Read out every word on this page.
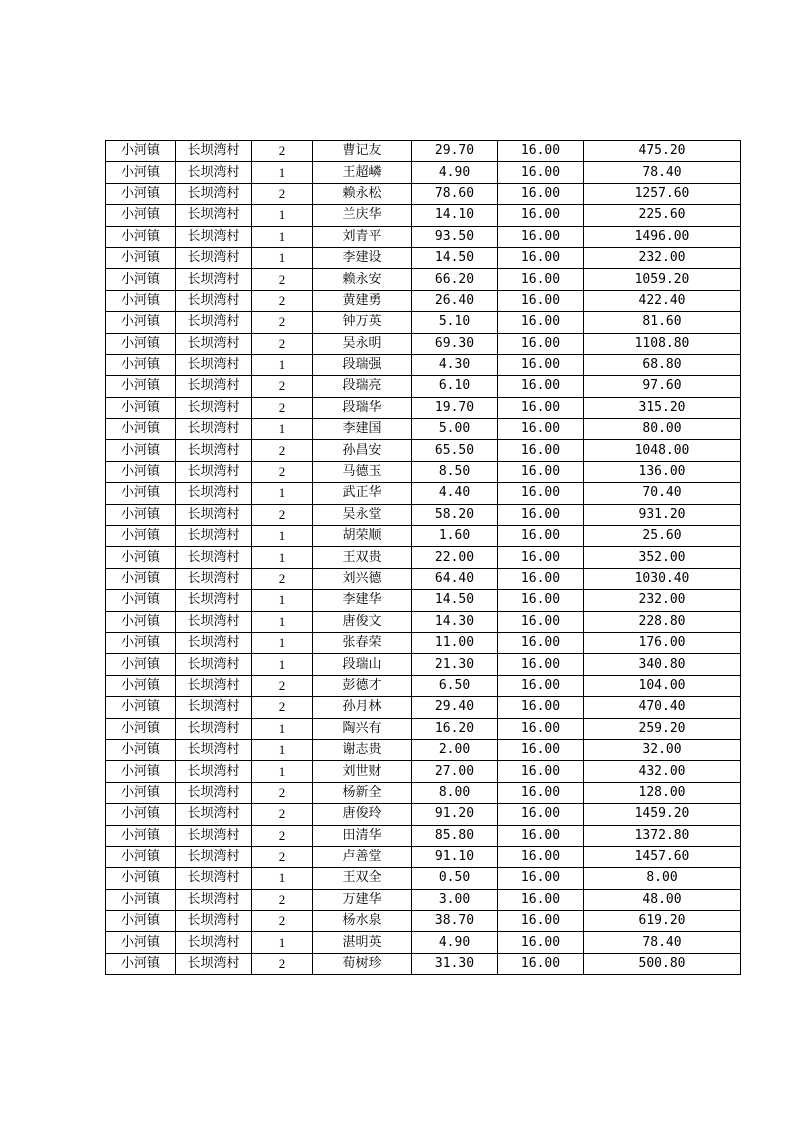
小河镇	长坝湾村	2	曹记友	29.70	16.00	475.20
小河镇	长坝湾村	1	王超嶙	4.90	16.00	78.40
小河镇	长坝湾村	2	赖永松	78.60	16.00	1257.60
小河镇	长坝湾村	1	兰庆华	14.10	16.00	225.60
小河镇	长坝湾村	1	刘青平	93.50	16.00	1496.00
小河镇	长坝湾村	1	李建设	14.50	16.00	232.00
小河镇	长坝湾村	2	赖永安	66.20	16.00	1059.20
小河镇	长坝湾村	2	黄建勇	26.40	16.00	422.40
小河镇	长坝湾村	2	钟万英	5.10	16.00	81.60
小河镇	长坝湾村	2	吴永明	69.30	16.00	1108.80
小河镇	长坝湾村	1	段瑞强	4.30	16.00	68.80
小河镇	长坝湾村	2	段瑞亮	6.10	16.00	97.60
小河镇	长坝湾村	2	段瑞华	19.70	16.00	315.20
小河镇	长坝湾村	1	李建国	5.00	16.00	80.00
小河镇	长坝湾村	2	孙昌安	65.50	16.00	1048.00
小河镇	长坝湾村	2	马德玉	8.50	16.00	136.00
小河镇	长坝湾村	1	武正华	4.40	16.00	70.40
小河镇	长坝湾村	2	吴永堂	58.20	16.00	931.20
小河镇	长坝湾村	1	胡荣顺	1.60	16.00	25.60
小河镇	长坝湾村	1	王双贵	22.00	16.00	352.00
小河镇	长坝湾村	2	刘兴德	64.40	16.00	1030.40
小河镇	长坝湾村	1	李建华	14.50	16.00	232.00
小河镇	长坝湾村	1	唐俊文	14.30	16.00	228.80
小河镇	长坝湾村	1	张春荣	11.00	16.00	176.00
小河镇	长坝湾村	1	段瑞山	21.30	16.00	340.80
小河镇	长坝湾村	2	彭德才	6.50	16.00	104.00
小河镇	长坝湾村	2	孙月林	29.40	16.00	470.40
小河镇	长坝湾村	1	陶兴有	16.20	16.00	259.20
小河镇	长坝湾村	1	谢志贵	2.00	16.00	32.00
小河镇	长坝湾村	1	刘世财	27.00	16.00	432.00
小河镇	长坝湾村	2	杨新全	8.00	16.00	128.00
小河镇	长坝湾村	2	唐俊玲	91.20	16.00	1459.20
小河镇	长坝湾村	2	田清华	85.80	16.00	1372.80
小河镇	长坝湾村	2	卢善堂	91.10	16.00	1457.60
小河镇	长坝湾村	1	王双全	0.50	16.00	8.00
小河镇	长坝湾村	2	万建华	3.00	16.00	48.00
小河镇	长坝湾村	2	杨水泉	38.70	16.00	619.20
小河镇	长坝湾村	1	湛明英	4.90	16.00	78.40
小河镇	长坝湾村	2	荀树珍	31.30	16.00	500.80
